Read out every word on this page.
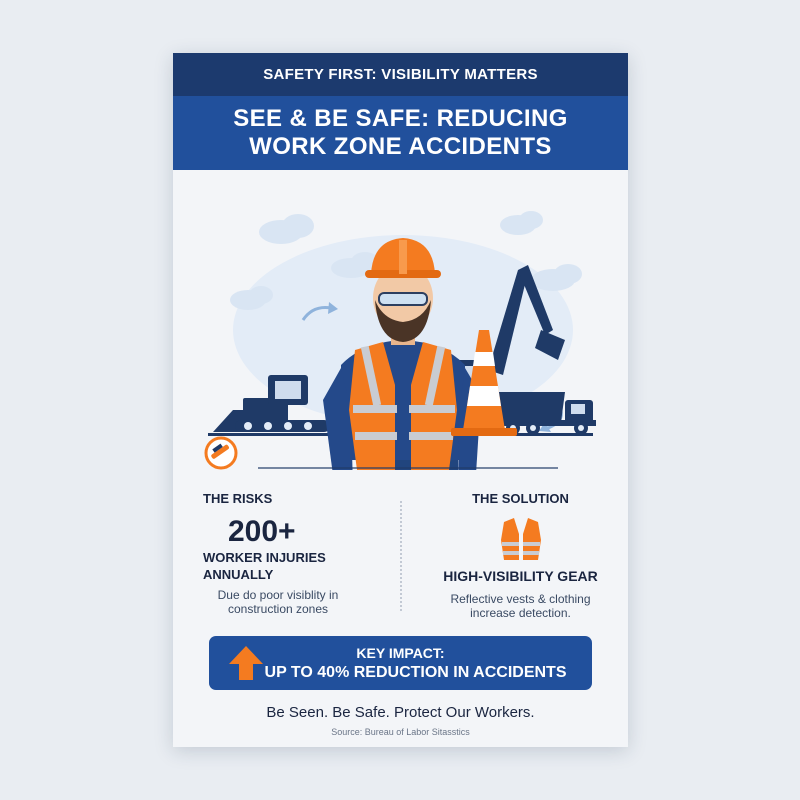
SAFETY FIRST: VISIBILITY MATTERS
SEE & BE SAFE: REDUCING
WORK ZONE ACCIDENTS
THE RISKS
200+
WORKER INJURIES
ANNUALLY
Due do poor visiblity in
construction zones
THE SOLUTION
HIGH-VISIBILITY GEAR
Reflective vests & clothing
increase detection.
KEY IMPACT:
UP TO 40% REDUCTION IN ACCIDENTS
Be Seen. Be Safe. Protect Our Workers.
Source: Bureau of Labor Sitasstics
